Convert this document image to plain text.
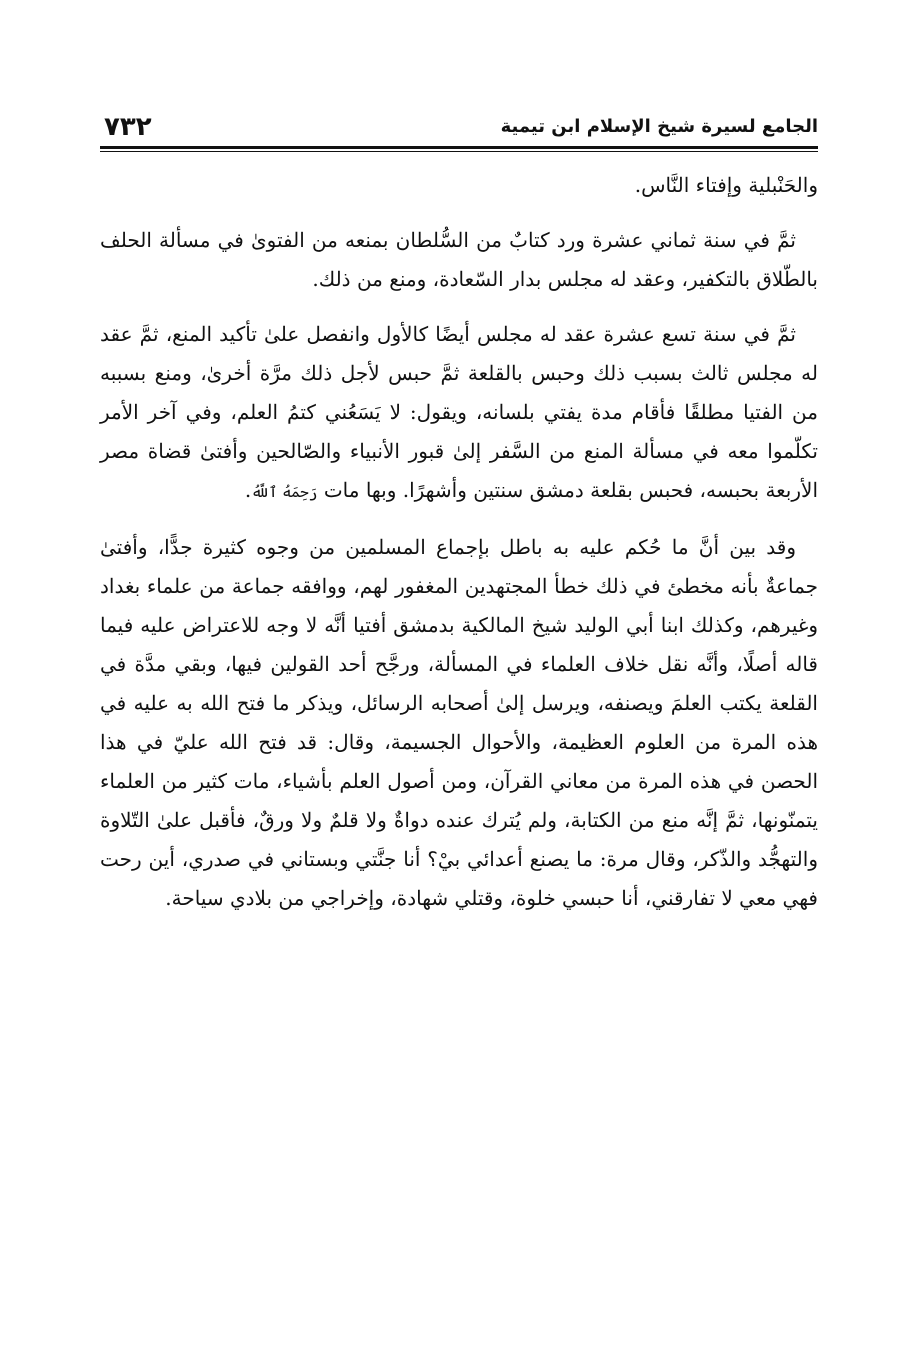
٧٣٢	الجامع لسيرة شيخ الإسلام ابن تيمية

والحَنْبلية وإفتاء النَّاس.

ثمَّ في سنة ثماني عشرة ورد كتابٌ من السُّلطان بمنعه من الفتوىٰ في مسألة الحلف بالطّلاق بالتكفير، وعقد له مجلس بدار السّعادة، ومنع من ذلك.

ثمَّ في سنة تسع عشرة عقد له مجلس أيضًا كالأول وانفصل علىٰ تأكيد المنع، ثمَّ عقد له مجلس ثالث بسبب ذلك وحبس بالقلعة ثمَّ حبس لأجل ذلك مرَّة أخرىٰ، ومنع بسببه من الفتيا مطلقًا فأقام مدة يفتي بلسانه، ويقول: لا يَسَعُني كتمُ العلم، وفي آخر الأمر تكلّموا معه في مسألة المنع من السَّفر إلىٰ قبور الأنبياء والصّالحين وأفتىٰ قضاة مصر الأربعة بحبسه، فحبس بقلعة دمشق سنتين وأشهرًا. وبها مات رَحِمَهُ ٱللَّهُ.

وقد بين أنَّ ما حُكم عليه به باطل بإجماع المسلمين من وجوه كثيرة جدًّا، وأفتىٰ جماعةٌ بأنه مخطئ في ذلك خطأ المجتهدين المغفور لهم، ووافقه جماعة من علماء بغداد وغيرهم، وكذلك ابنا أبي الوليد شيخ المالكية بدمشق أفتيا أنَّه لا وجه للاعتراض عليه فيما قاله أصلًا، وأنَّه نقل خلاف العلماء في المسألة، ورجَّح أحد القولين فيها، وبقي مدَّة في القلعة يكتب العلمَ ويصنفه، ويرسل إلىٰ أصحابه الرسائل، ويذكر ما فتح الله به عليه في هذه المرة من العلوم العظيمة، والأحوال الجسيمة، وقال: قد فتح الله عليّ في هذا الحصن في هذه المرة من معاني القرآن، ومن أصول العلم بأشياء، مات كثير من العلماء يتمنّونها، ثمَّ إنَّه منع من الكتابة، ولم يُترك عنده دواةٌ ولا قلمٌ ولا ورقٌ، فأقبل علىٰ التّلاوة والتهجُّد والذّكر، وقال مرة: ما يصنع أعدائي بيْ؟ أنا جنَّتي وبستاني في صدري، أين رحت فهي معي لا تفارقني، أنا حبسي خلوة، وقتلي شهادة، وإخراجي من بلادي سياحة.
